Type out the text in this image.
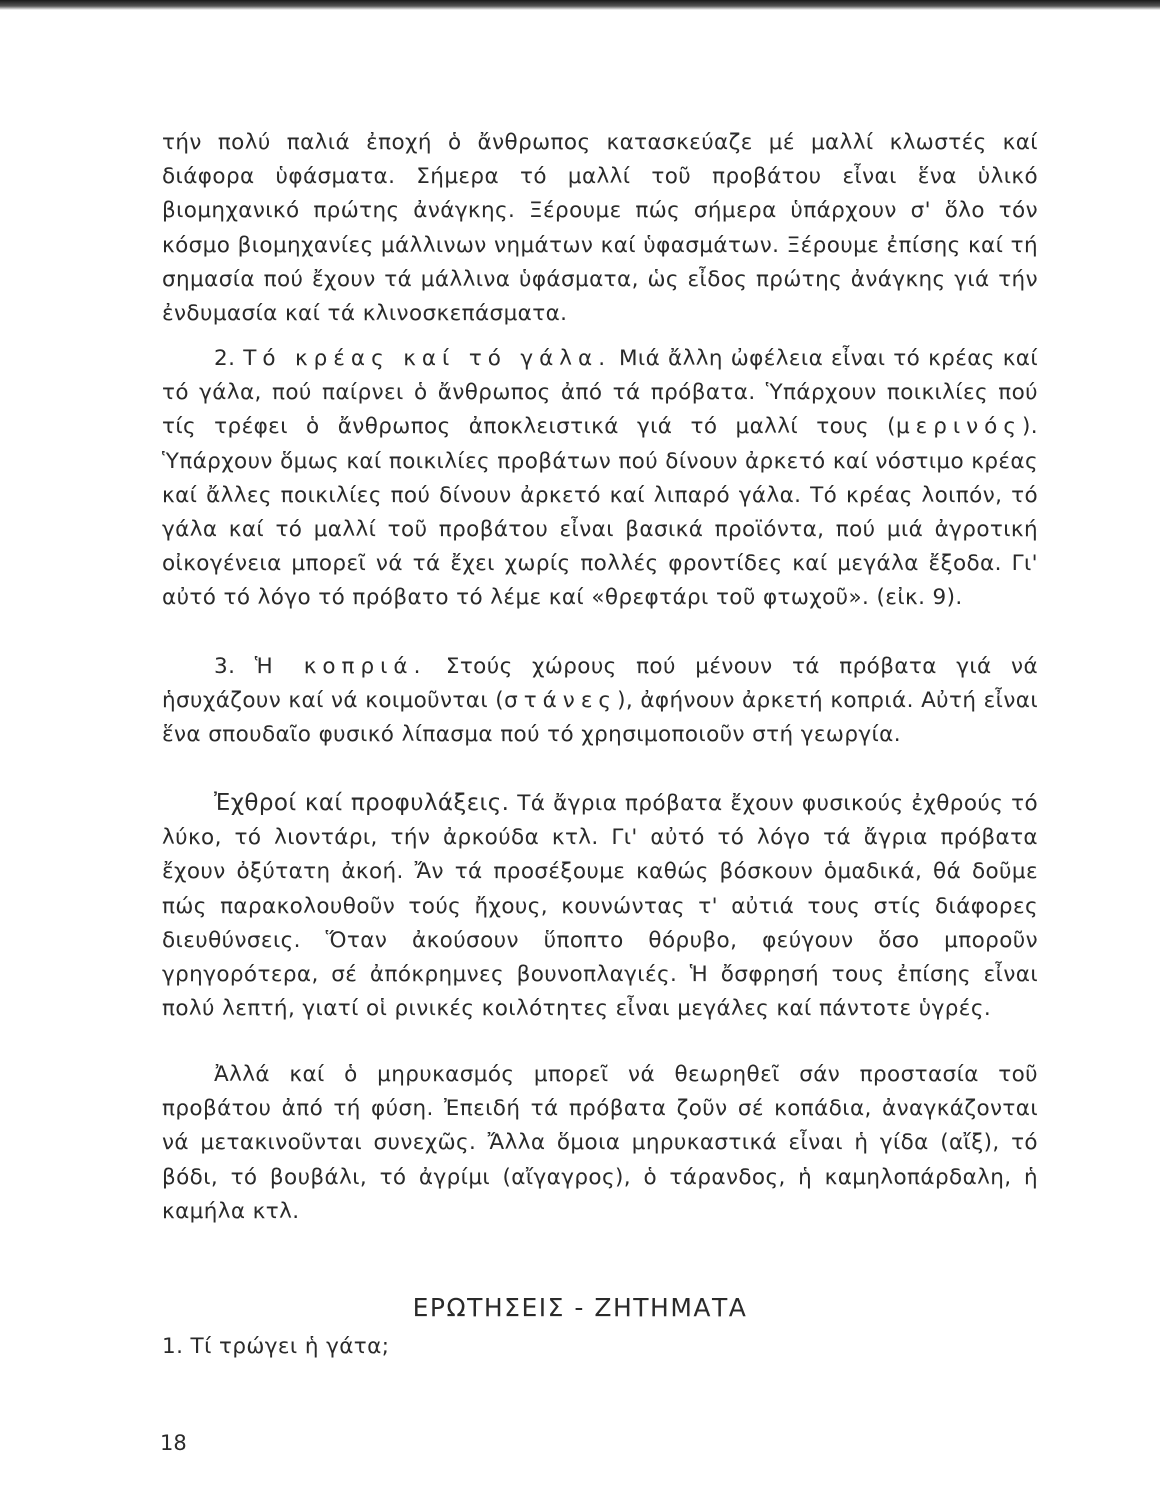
τήν πολύ παλιά ἐποχή ὁ ἄνθρωπος κατασκεύαζε μέ μαλλί κλωστές καί διάφορα ὑφάσματα. Σήμερα τό μαλλί τοῦ προβάτου εἶναι ἕνα ὑλικό βιομηχανικό πρώτης ἀνάγκης. Ξέρουμε πώς σήμερα ὑπάρχουν σ' ὅλο τόν κόσμο βιομηχανίες μάλλινων νημάτων καί ὑφασμάτων. Ξέρουμε ἐπίσης καί τή σημασία πού ἔχουν τά μάλλινα ὑφάσματα, ὡς εἶδος πρώτης ἀνάγκης γιά τήν ἐνδυμασία καί τά κλινοσκεπάσματα.

2. Τό κρέας καί τό γάλα. Μιά ἄλλη ὠφέλεια εἶναι τό κρέας καί τό γάλα, πού παίρνει ὁ ἄνθρωπος ἀπό τά πρόβατα. Ὑπάρχουν ποικιλίες πού τίς τρέφει ὁ ἄνθρωπος ἀποκλειστικά γιά τό μαλλί τους (μερινός). Ὑπάρχουν ὅμως καί ποικιλίες προβάτων πού δίνουν ἀρκετό καί νόστιμο κρέας καί ἄλλες ποικιλίες πού δίνουν ἀρκετό καί λιπαρό γάλα. Τό κρέας λοιπόν, τό γάλα καί τό μαλλί τοῦ προβάτου εἶναι βασικά προϊόντα, πού μιά ἀγροτική οἰκογένεια μπορεῖ νά τά ἔχει χωρίς πολλές φροντίδες καί μεγάλα ἔξοδα. Γι' αὐτό τό λόγο τό πρόβατο τό λέμε καί «θρεφτάρι τοῦ φτωχοῦ». (εἰκ. 9).

3. Ἡ κοπριά. Στούς χώρους πού μένουν τά πρόβατα γιά νά ἡσυχάζουν καί νά κοιμοῦνται (στάνες), ἀφήνουν ἀρκετή κοπριά. Αὐτή εἶναι ἕνα σπουδαῖο φυσικό λίπασμα πού τό χρησιμοποιοῦν στή γεωργία.

Ἐχθροί καί προφυλάξεις. Τά ἄγρια πρόβατα ἔχουν φυσικούς ἐχθρούς τό λύκο, τό λιοντάρι, τήν ἀρκούδα κτλ. Γι' αὐτό τό λόγο τά ἄγρια πρόβατα ἔχουν ὀξύτατη ἀκοή. Ἄν τά προσέξουμε καθώς βόσκουν ὁμαδικά, θά δοῦμε πώς παρακολουθοῦν τούς ἤχους, κουνώντας τ' αὐτιά τους στίς διάφορες διευθύνσεις. Ὅταν ἀκούσουν ὕποπτο θόρυβο, φεύγουν ὅσο μποροῦν γρηγορότερα, σέ ἀπόκρημνες βουνοπλαγιές. Ἡ ὄσφρησή τους ἐπίσης εἶναι πολύ λεπτή, γιατί οἱ ρινικές κοιλότητες εἶναι μεγάλες καί πάντοτε ὑγρές.

Ἀλλά καί ὁ μηρυκασμός μπορεῖ νά θεωρηθεῖ σάν προστασία τοῦ προβάτου ἀπό τή φύση. Ἐπειδή τά πρόβατα ζοῦν σέ κοπάδια, ἀναγκάζονται νά μετακινοῦνται συνεχῶς. Ἄλλα ὅμοια μηρυκαστικά εἶναι ἡ γίδα (αἴξ), τό βόδι, τό βουβάλι, τό ἀγρίμι (αἴγαγρος), ὁ τάρανδος, ἡ καμηλοπάρδαλη, ἡ καμήλα κτλ.

ΕΡΩΤΗΣΕΙΣ - ΖΗΤΗΜΑΤΑ

1. Τί τρώγει ἡ γάτα;

18
